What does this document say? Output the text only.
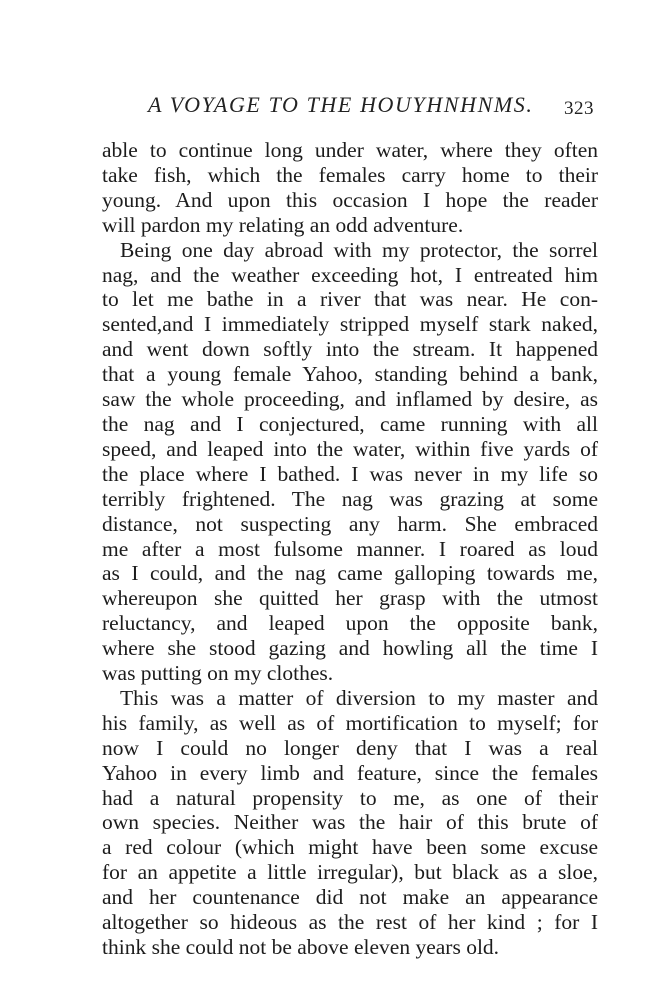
A VOYAGE TO THE HOUYHNHNMS. 323
able to continue long under water, where they often
take fish, which the females carry home to their
young. And upon this occasion I hope the reader
will pardon my relating an odd adventure.
Being one day abroad with my protector, the sorrel
nag, and the weather exceeding hot, I entreated him
to let me bathe in a river that was near. He con-
sented,and I immediately stripped myself stark naked,
and went down softly into the stream. It happened
that a young female Yahoo, standing behind a bank,
saw the whole proceeding, and inflamed by desire, as
the nag and I conjectured, came running with all
speed, and leaped into the water, within five yards of
the place where I bathed. I was never in my life so
terribly frightened. The nag was grazing at some
distance, not suspecting any harm. She embraced
me after a most fulsome manner. I roared as loud
as I could, and the nag came galloping towards me,
whereupon she quitted her grasp with the utmost
reluctancy, and leaped upon the opposite bank,
where she stood gazing and howling all the time I
was putting on my clothes.
This was a matter of diversion to my master and
his family, as well as of mortification to myself; for
now I could no longer deny that I was a real
Yahoo in every limb and feature, since the females
had a natural propensity to me, as one of their
own species. Neither was the hair of this brute of
a red colour (which might have been some excuse
for an appetite a little irregular), but black as a sloe,
and her countenance did not make an appearance
altogether so hideous as the rest of her kind ; for I
think she could not be above eleven years old.
